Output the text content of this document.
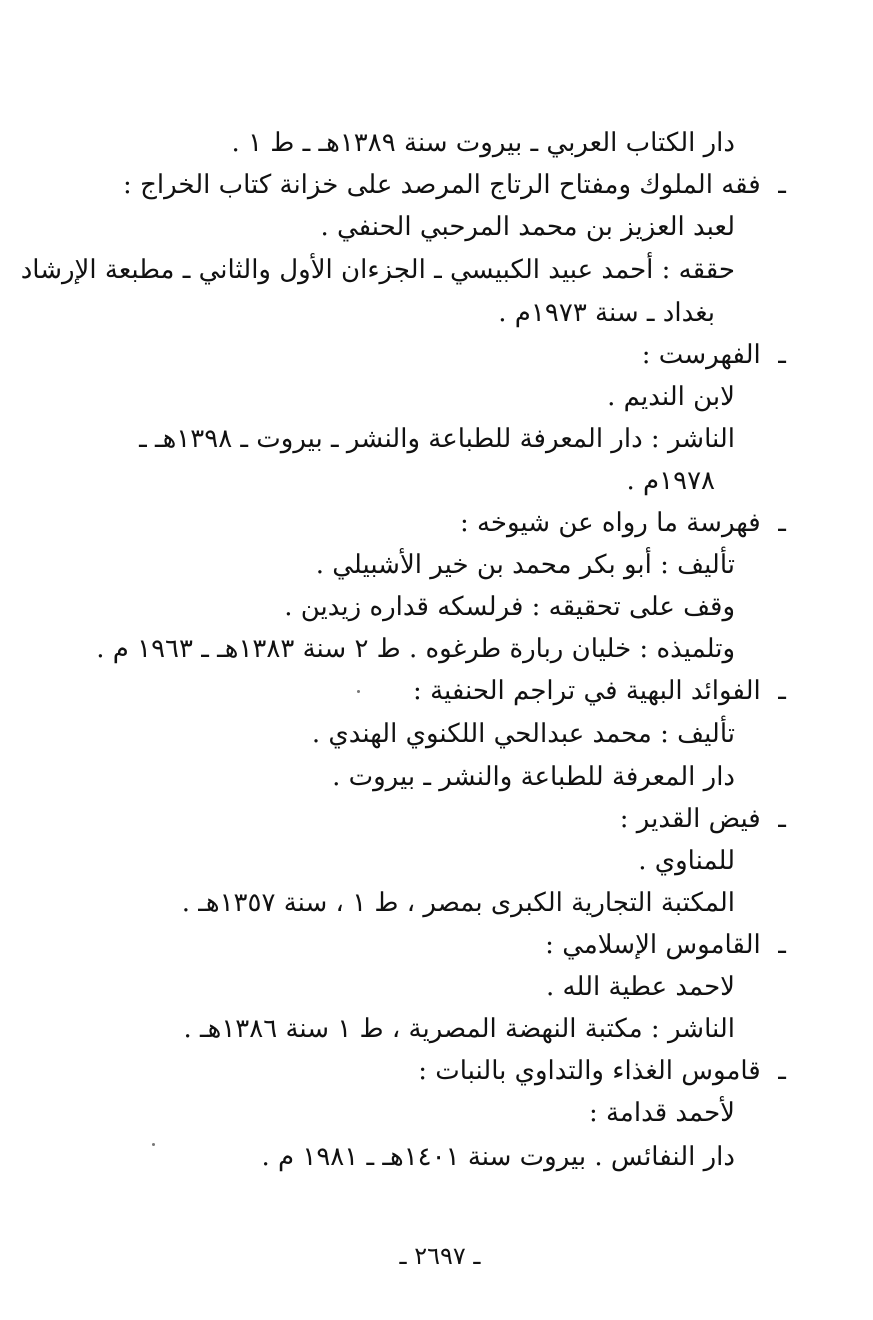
دار الكتاب العربي ـ بيروت سنة ١٣٨٩هـ ـ ط ١ .
ـ فقه الملوك ومفتاح الرتاج المرصد على خزانة كتاب الخراج :
لعبد العزيز بن محمد المرحبي الحنفي .
حققه : أحمد عبيد الكبيسي ـ الجزءان الأول والثاني ـ مطبعة الإرشاد
بغداد ـ سنة ١٩٧٣م .
ـ الفهرست :
لابن النديم .
الناشر : دار المعرفة للطباعة والنشر ـ بيروت ـ ١٣٩٨هـ ـ
١٩٧٨م .
ـ فهرسة ما رواه عن شيوخه :
تأليف : أبو بكر محمد بن خير الأشبيلي .
وقف على تحقيقه : فرلسكه قداره زيدين .
وتلميذه : خليان ربارة طرغوه . ط ٢ سنة ١٣٨٣هـ ـ ١٩٦٣ م .
ـ الفوائد البهية في تراجم الحنفية :
تأليف : محمد عبدالحي اللكنوي الهندي .
دار المعرفة للطباعة والنشر ـ بيروت .
ـ فيض القدير :
للمناوي .
المكتبة التجارية الكبرى بمصر ، ط ١ ، سنة ١٣٥٧هـ .
ـ القاموس الإسلامي :
لاحمد عطية الله .
الناشر : مكتبة النهضة المصرية ، ط ١ سنة ١٣٨٦هـ .
ـ قاموس الغذاء والتداوي بالنبات :
لأحمد قدامة :
دار النفائس . بيروت سنة ١٤٠١هـ ـ ١٩٨١ م .
ـ ٢٦٩٧ ـ
